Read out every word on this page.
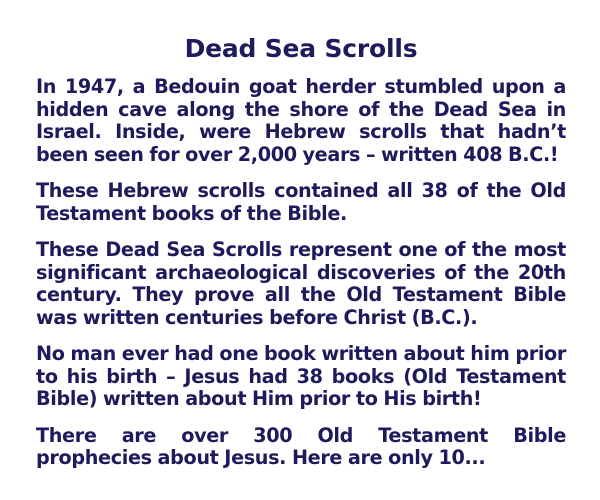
Dead Sea Scrolls
In 1947, a Bedouin goat herder stumbled upon a hidden cave along the shore of the Dead Sea in Israel. Inside, were Hebrew scrolls that hadn’t been seen for over 2,000 years – written 408 B.C.!
These Hebrew scrolls contained all 38 of the Old Testament books of the Bible.
These Dead Sea Scrolls represent one of the most significant archaeological discoveries of the 20th century. They prove all the Old Testament Bible was written centuries before Christ (B.C.).
No man ever had one book written about him prior to his birth – Jesus had 38 books (Old Testament Bible) written about Him prior to His birth!
There are over 300 Old Testament Bible prophecies about Jesus. Here are only 10...
